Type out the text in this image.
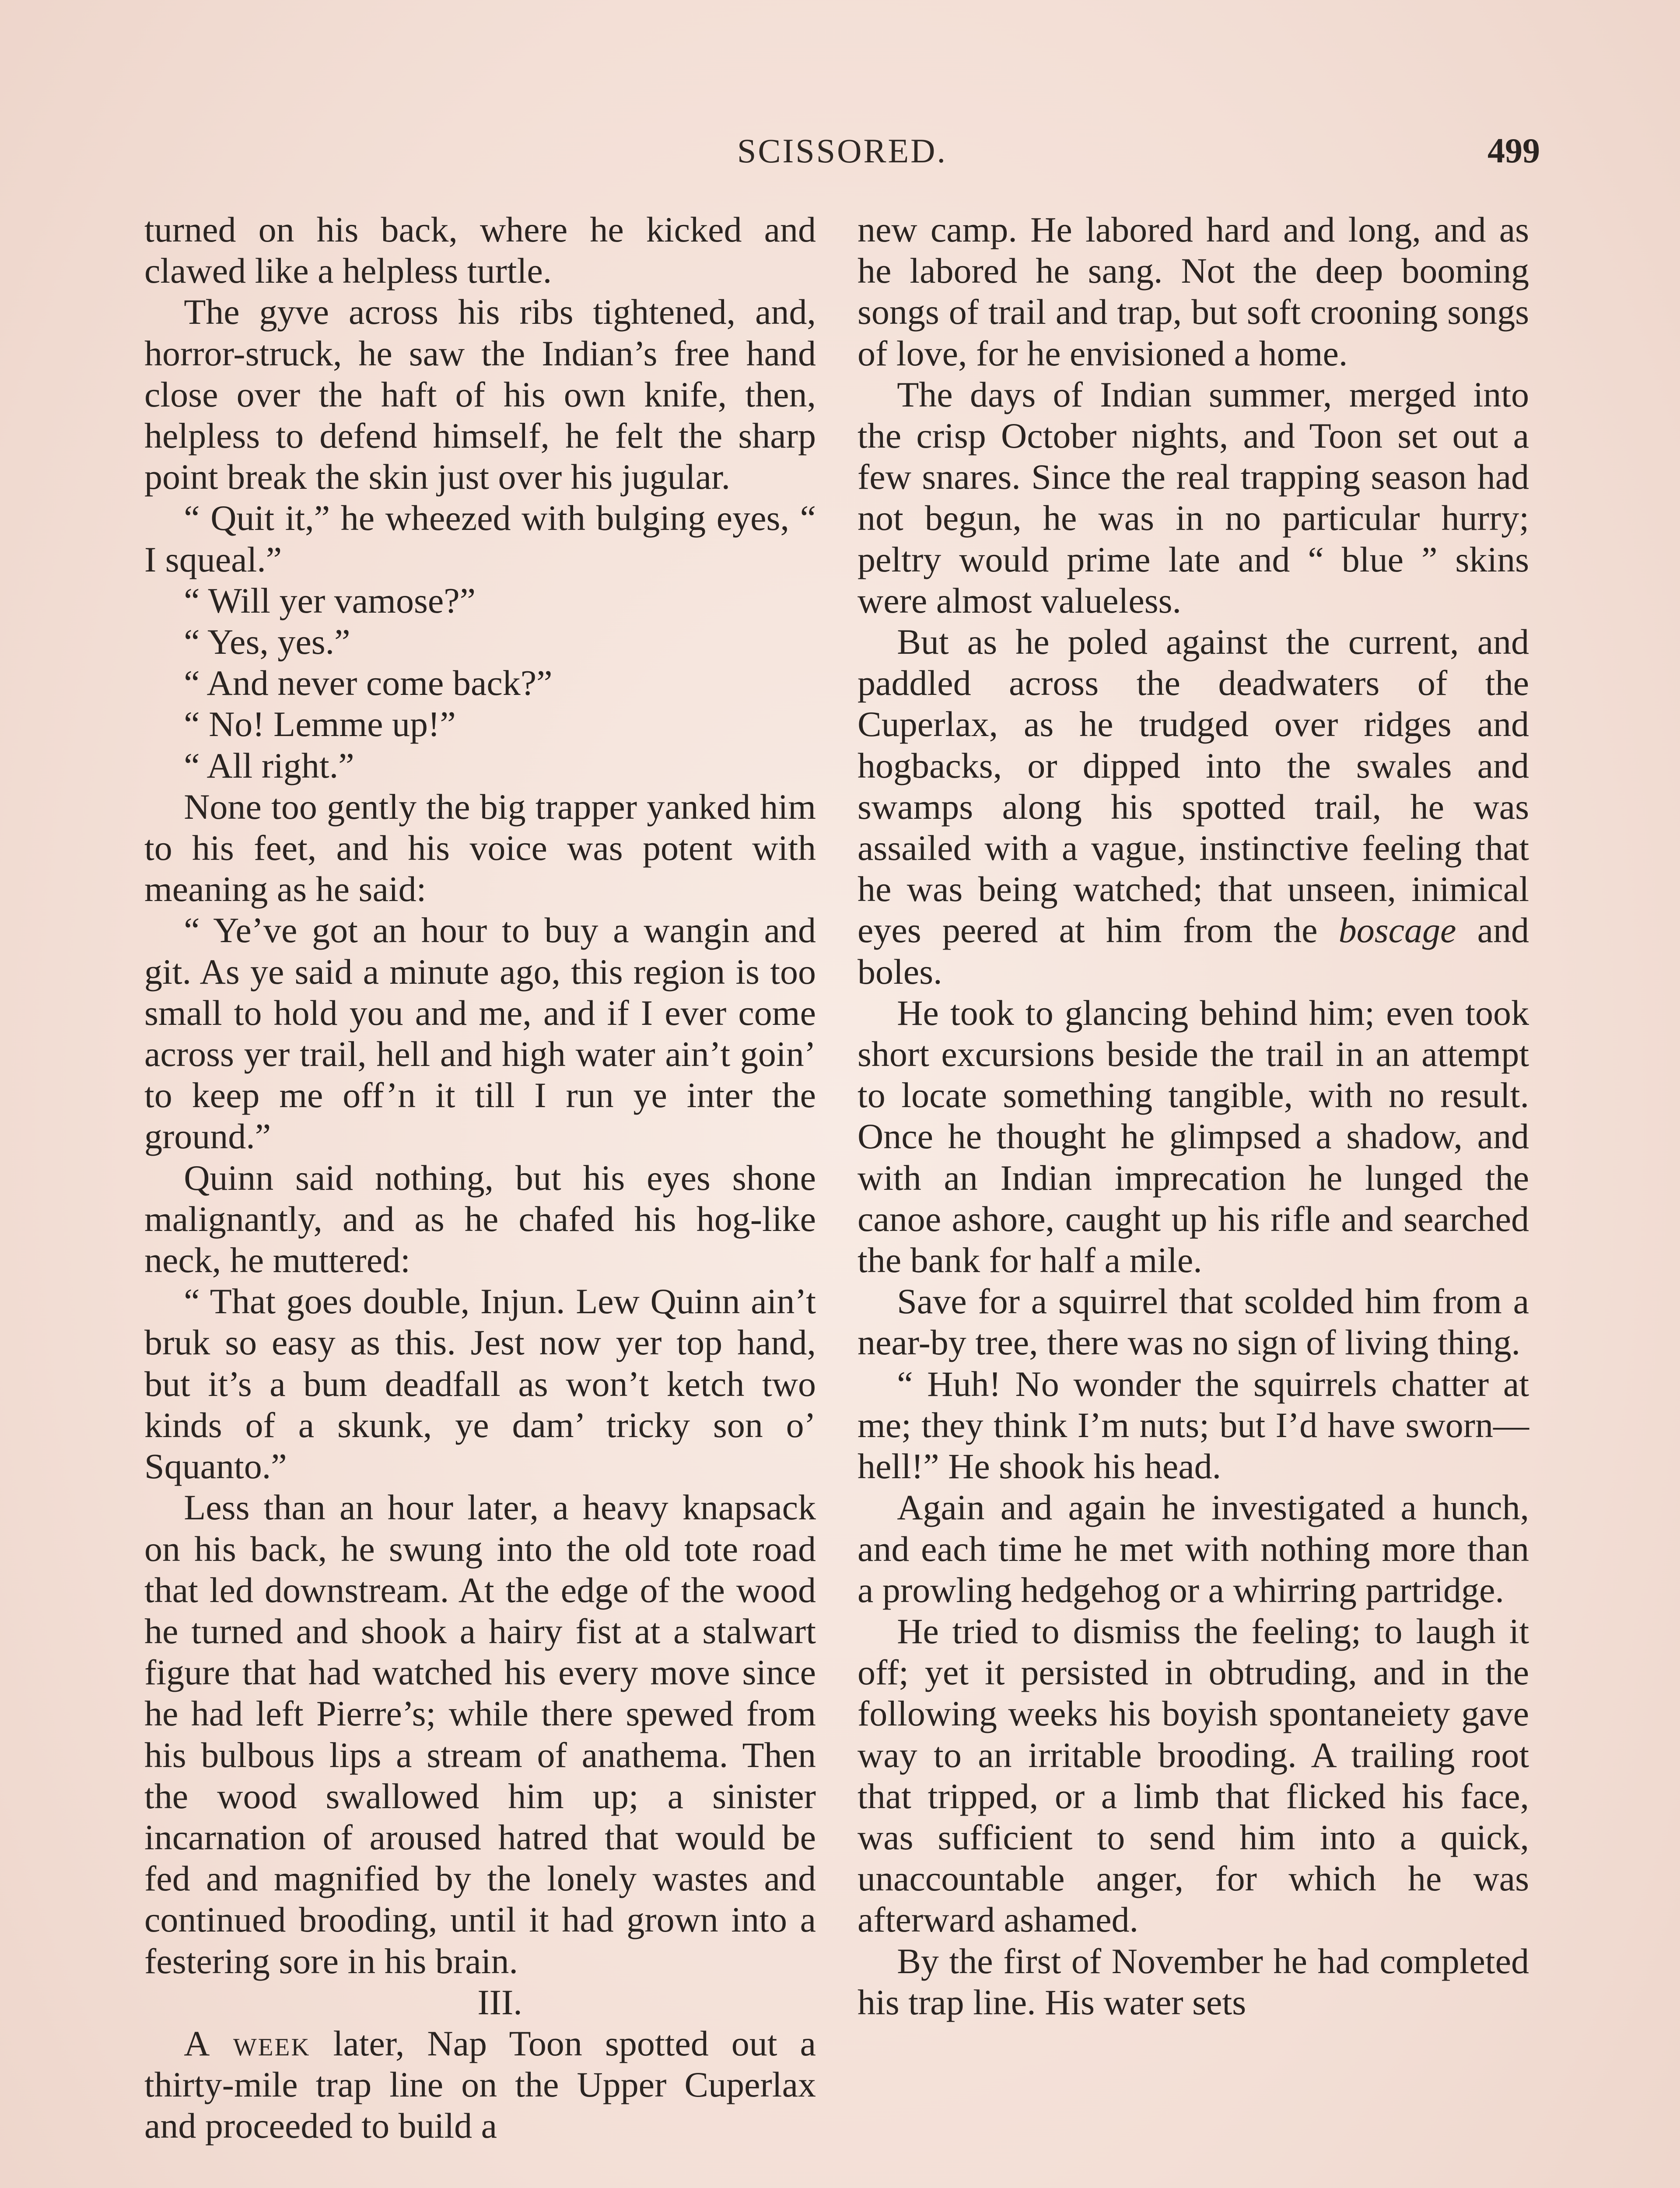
SCISSORED.	499

turned on his back, where he kicked and clawed like a helpless turtle.

The gyve across his ribs tightened, and, horror-struck, he saw the Indian’s free hand close over the haft of his own knife, then, helpless to defend himself, he felt the sharp point break the skin just over his jugular.

“ Quit it,” he wheezed with bulging eyes, “ I squeal.”

“ Will yer vamose?”

“ Yes, yes.”

“ And never come back?”

“ No! Lemme up!”

“ All right.”

None too gently the big trapper yanked him to his feet, and his voice was potent with meaning as he said:

“ Ye’ve got an hour to buy a wangin and git. As ye said a minute ago, this region is too small to hold you and me, and if I ever come across yer trail, hell and high water ain’t goin’ to keep me off’n it till I run ye inter the ground.”

Quinn said nothing, but his eyes shone malignantly, and as he chafed his hog-like neck, he muttered:

“ That goes double, Injun. Lew Quinn ain’t bruk so easy as this. Jest now yer top hand, but it’s a bum deadfall as won’t ketch two kinds of a skunk, ye dam’ tricky son o’ Squanto.”

Less than an hour later, a heavy knapsack on his back, he swung into the old tote road that led downstream. At the edge of the wood he turned and shook a hairy fist at a stalwart figure that had watched his every move since he had left Pierre’s; while there spewed from his bulbous lips a stream of anathema. Then the wood swallowed him up; a sinister incarnation of aroused hatred that would be fed and magnified by the lonely wastes and continued brooding, until it had grown into a festering sore in his brain.

III.

A week later, Nap Toon spotted out a thirty-mile trap line on the Upper Cuperlax and proceeded to build a

new camp. He labored hard and long, and as he labored he sang. Not the deep booming songs of trail and trap, but soft crooning songs of love, for he envisioned a home.

The days of Indian summer, merged into the crisp October nights, and Toon set out a few snares. Since the real trapping season had not begun, he was in no particular hurry; peltry would prime late and “ blue ” skins were almost valueless.

But as he poled against the current, and paddled across the deadwaters of the Cuperlax, as he trudged over ridges and hogbacks, or dipped into the swales and swamps along his spotted trail, he was assailed with a vague, instinctive feeling that he was being watched; that unseen, inimical eyes peered at him from the boscage and boles.

He took to glancing behind him; even took short excursions beside the trail in an attempt to locate something tangible, with no result. Once he thought he glimpsed a shadow, and with an Indian imprecation he lunged the canoe ashore, caught up his rifle and searched the bank for half a mile.

Save for a squirrel that scolded him from a near-by tree, there was no sign of living thing.

“ Huh! No wonder the squirrels chatter at me; they think I’m nuts; but I’d have sworn—hell!” He shook his head.

Again and again he investigated a hunch, and each time he met with nothing more than a prowling hedgehog or a whirring partridge.

He tried to dismiss the feeling; to laugh it off; yet it persisted in obtruding, and in the following weeks his boyish spontaneiety gave way to an irritable brooding. A trailing root that tripped, or a limb that flicked his face, was sufficient to send him into a quick, unaccountable anger, for which he was afterward ashamed.

By the first of November he had completed his trap line. His water sets
